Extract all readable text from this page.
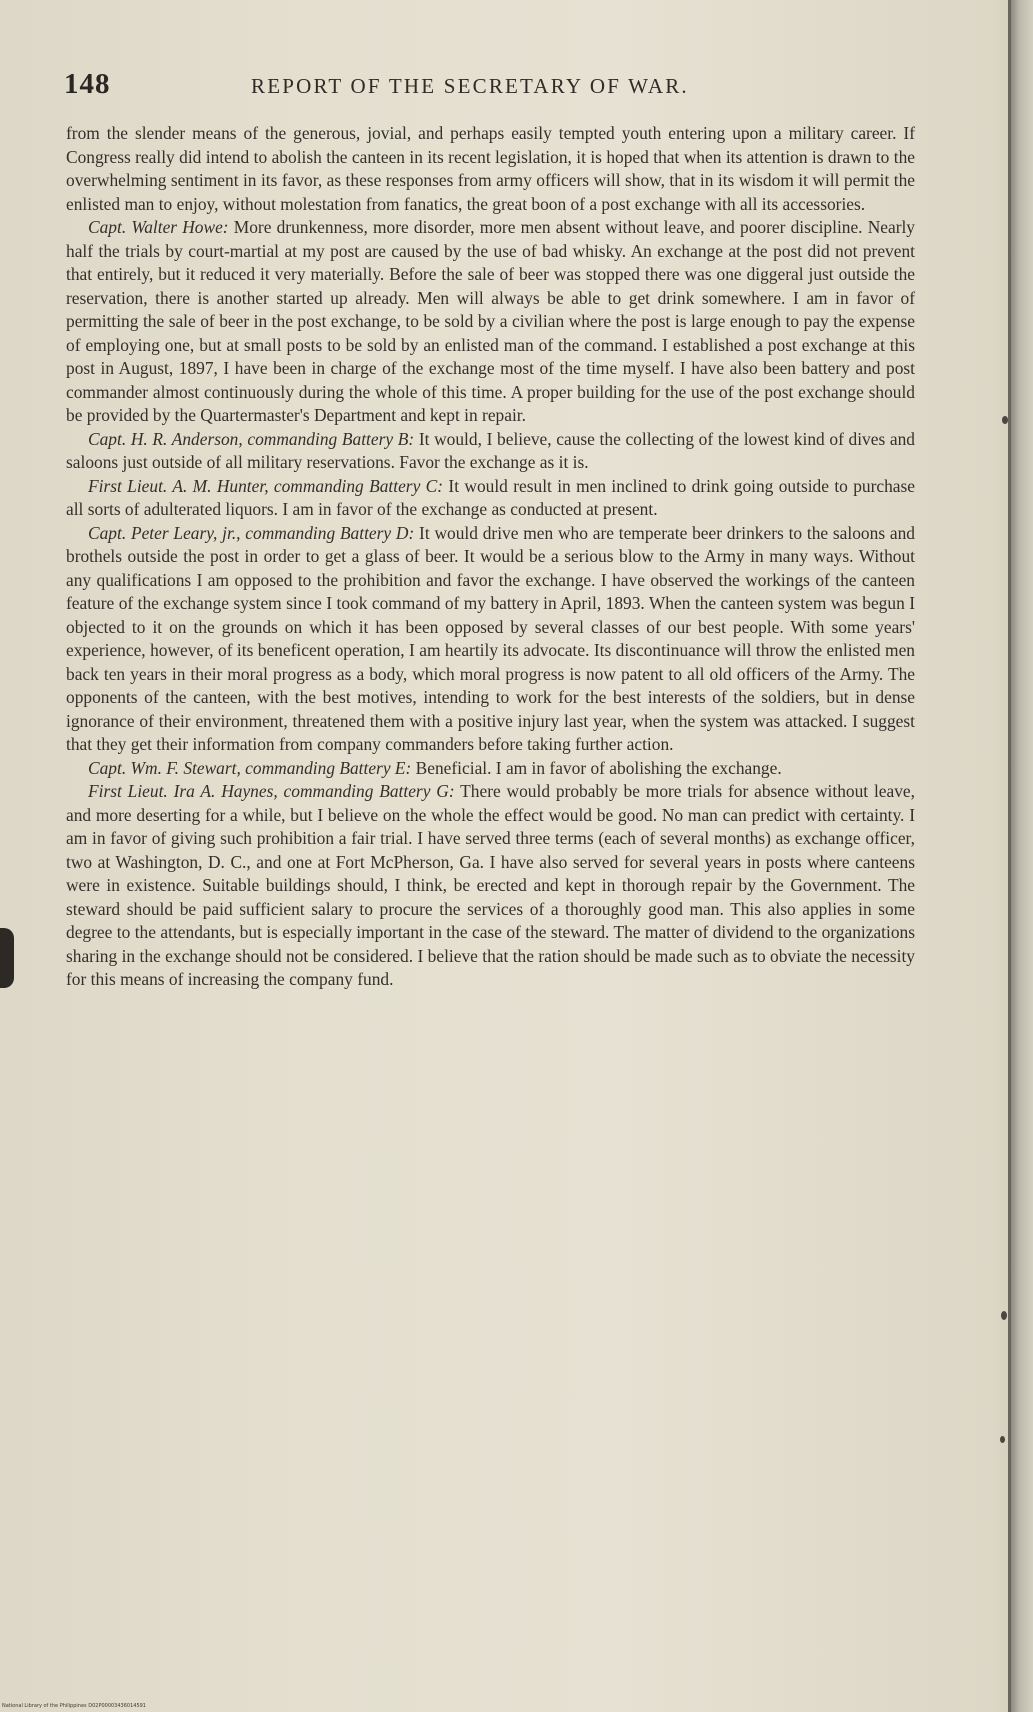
148	REPORT OF THE SECRETARY OF WAR.

from the slender means of the generous, jovial, and perhaps easily tempted youth entering upon a military career. If Congress really did intend to abolish the canteen in its recent legislation, it is hoped that when its attention is drawn to the overwhelming sentiment in its favor, as these responses from army officers will show, that in its wisdom it will permit the enlisted man to enjoy, without molestation from fanatics, the great boon of a post exchange with all its accessories.

Capt. Walter Howe: More drunkenness, more disorder, more men absent without leave, and poorer discipline. Nearly half the trials by court-martial at my post are caused by the use of bad whisky. An exchange at the post did not prevent that entirely, but it reduced it very materially. Before the sale of beer was stopped there was one diggeral just outside the reservation, there is another started up already. Men will always be able to get drink somewhere. I am in favor of permitting the sale of beer in the post exchange, to be sold by a civilian where the post is large enough to pay the expense of employing one, but at small posts to be sold by an enlisted man of the command. I established a post exchange at this post in August, 1897, I have been in charge of the exchange most of the time myself. I have also been battery and post commander almost continuously during the whole of this time. A proper building for the use of the post exchange should be provided by the Quartermaster's Department and kept in repair.

Capt. H. R. Anderson, commanding Battery B: It would, I believe, cause the collecting of the lowest kind of dives and saloons just outside of all military reservations. Favor the exchange as it is.

First Lieut. A. M. Hunter, commanding Battery C: It would result in men inclined to drink going outside to purchase all sorts of adulterated liquors. I am in favor of the exchange as conducted at present.

Capt. Peter Leary, jr., commanding Battery D: It would drive men who are temperate beer drinkers to the saloons and brothels outside the post in order to get a glass of beer. It would be a serious blow to the Army in many ways. Without any qualifications I am opposed to the prohibition and favor the exchange. I have observed the workings of the canteen feature of the exchange system since I took command of my battery in April, 1893. When the canteen system was begun I objected to it on the grounds on which it has been opposed by several classes of our best people. With some years' experience, however, of its beneficent operation, I am heartily its advocate. Its discontinuance will throw the enlisted men back ten years in their moral progress as a body, which moral progress is now patent to all old officers of the Army. The opponents of the canteen, with the best motives, intending to work for the best interests of the soldiers, but in dense ignorance of their environment, threatened them with a positive injury last year, when the system was attacked. I suggest that they get their information from company commanders before taking further action.

Capt. Wm. F. Stewart, commanding Battery E: Beneficial. I am in favor of abolishing the exchange.

First Lieut. Ira A. Haynes, commanding Battery G: There would probably be more trials for absence without leave, and more deserting for a while, but I believe on the whole the effect would be good. No man can predict with certainty. I am in favor of giving such prohibition a fair trial. I have served three terms (each of several months) as exchange officer, two at Washington, D. C., and one at Fort McPherson, Ga. I have also served for several years in posts where canteens were in existence. Suitable buildings should, I think, be erected and kept in thorough repair by the Government. The steward should be paid sufficient salary to procure the services of a thoroughly good man. This also applies in some degree to the attendants, but is especially important in the case of the steward. The matter of dividend to the organizations sharing in the exchange should not be considered. I believe that the ration should be made such as to obviate the necessity for this means of increasing the company fund.

National Library of the Philippines D02P00003436014591
